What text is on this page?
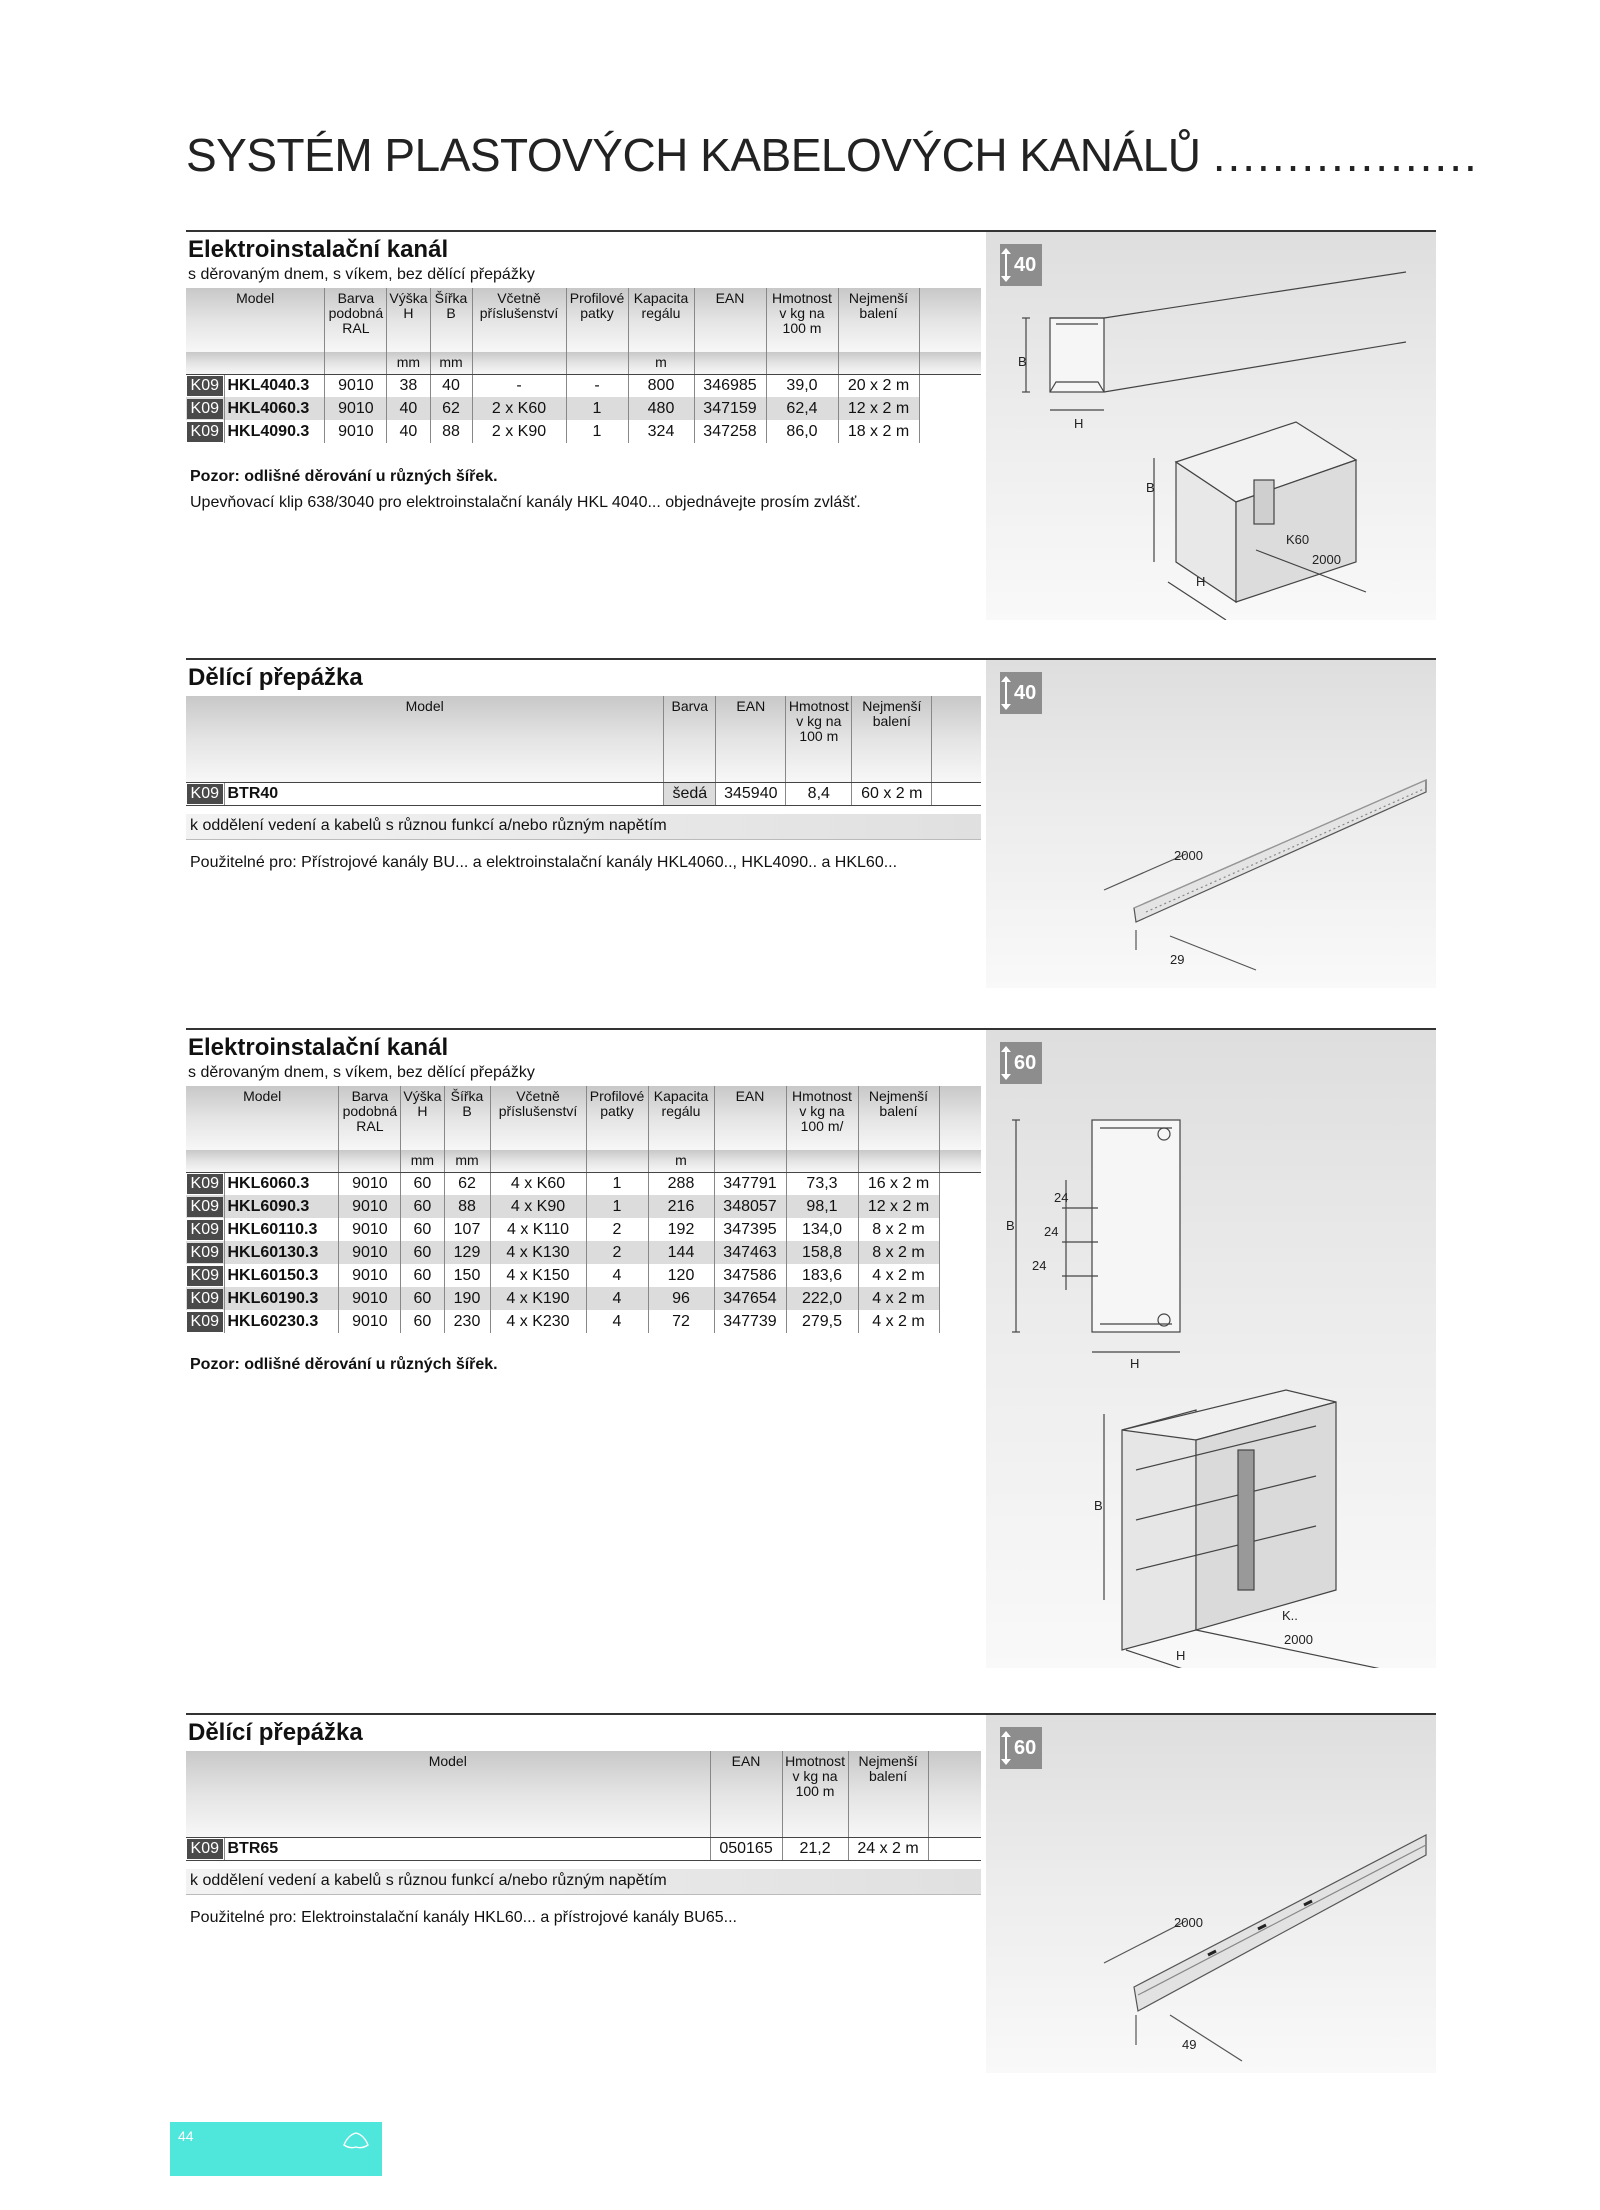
SYSTÉM PLASTOVÝCH KABELOVÝCH KANÁLŮ ..................
Elektroinstalační kanál
s děrovaným dnem, s víkem, bez dělící přepážky
Model		Barva podobná RAL	Výška H	Šířka B	Včetně příslušenství	Profilové patky	Kapacita regálu	EAN	Hmotnost v kg na 100 m	Nejmenší balení	
			mm	mm			m				

K09	HKL4040.3	9010	38	40	-	-	800	346985	39,0	20 x 2 m	

K09	HKL4060.3	9010	40	62	2 x K60	1	480	347159	62,4	12 x 2 m	

K09	HKL4090.3	9010	40	88	2 x K90	1	324	347258	86,0	18 x 2 m	
Pozor: odlišné děrování u různých šířek.
Upevňovací klip 638/3040 pro elektroinstalační kanály HKL 4040... objednávejte prosím zvlášť.
40
B
H
B
H
K60
2000
Dělící přepážka
Model		Barva	EAN	Hmotnost v kg na 100 m	Nejmenší balení	

K09	BTR40	šedá	345940	8,4	60 x 2 m	
k oddělení vedení a kabelů s různou funkcí a/nebo různým napětím
Použitelné pro: Přístrojové kanály BU... a elektroinstalační kanály HKL4060.., HKL4090.. a HKL60...
40
2000
29
Elektroinstalační kanál
s děrovaným dnem, s víkem, bez dělící přepážky
Model		Barva podobná RAL	Výška H	Šířka B	Včetně příslušenství	Profilové patky	Kapacita regálu	EAN	Hmotnost v kg na 100 m/	Nejmenší balení	
			mm	mm			m				

K09	HKL6060.3	9010	60	62	4 x K60	1	288	347791	73,3	16 x 2 m	

K09	HKL6090.3	9010	60	88	4 x K90	1	216	348057	98,1	12 x 2 m	

K09	HKL60110.3	9010	60	107	4 x K110	2	192	347395	134,0	8 x 2 m	

K09	HKL60130.3	9010	60	129	4 x K130	2	144	347463	158,8	8 x 2 m	

K09	HKL60150.3	9010	60	150	4 x K150	4	120	347586	183,6	4 x 2 m	

K09	HKL60190.3	9010	60	190	4 x K190	4	96	347654	222,0	4 x 2 m	

K09	HKL60230.3	9010	60	230	4 x K230	4	72	347739	279,5	4 x 2 m	
Pozor: odlišné děrování u různých šířek.
60
B
24
24
24
H
B
K..
H
2000
Dělící přepážka
Model		EAN	Hmotnost v kg na 100 m	Nejmenší balení	

K09	BTR65	050165	21,2	24 x 2 m	
k oddělení vedení a kabelů s různou funkcí a/nebo různým napětím
Použitelné pro: Elektroinstalační kanály HKL60... a přístrojové kanály BU65...
60
2000
49
44
